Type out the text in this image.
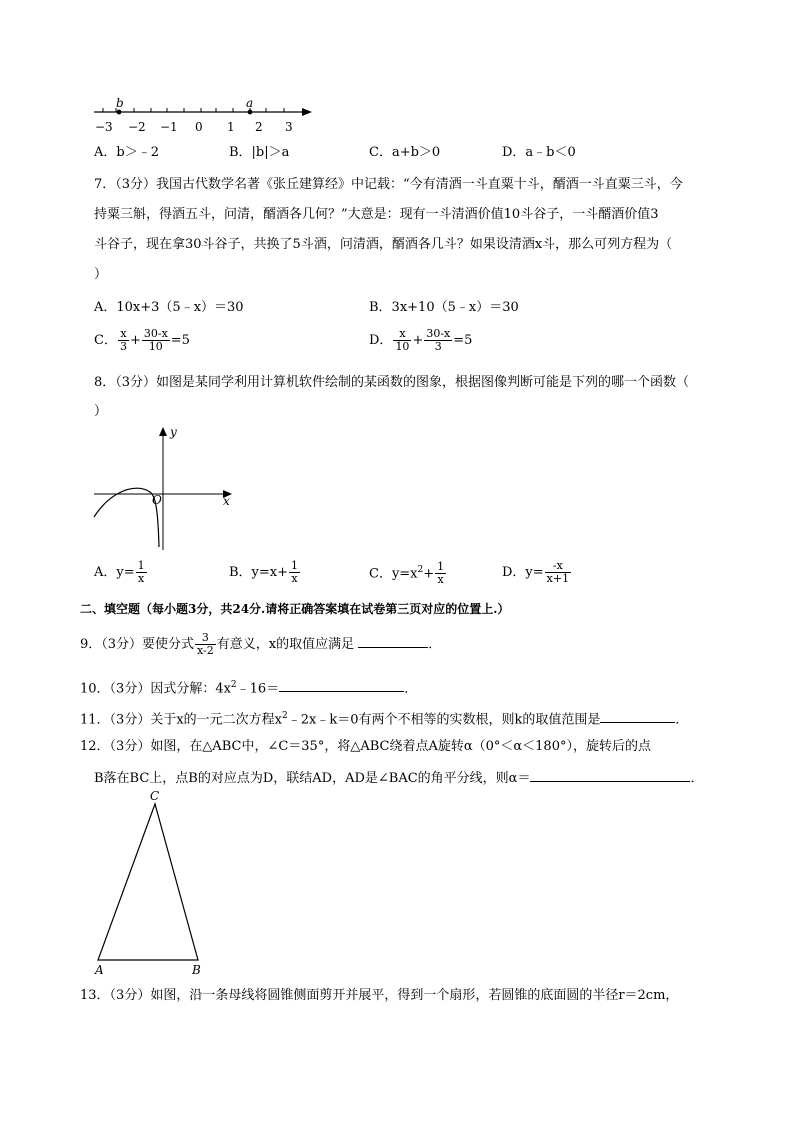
b	a
−3 −2 −1 0 1 2 3
A．b＞﹣2	B．|b|＞a	C．a+b＞0	D．a﹣b＜0
7．（3分）我国古代数学名著《张丘建算经》中记载：“今有清酒一斗直粟十斗，醑酒一斗直粟三斗，今
持粟三斛，得酒五斗，问清，醑酒各几何？”大意是：现有一斗清酒价值10斗谷子，一斗醑酒价值3
斗谷子，现在拿30斗谷子，共换了5斗酒，问清酒，醑酒各几斗？如果设清酒x斗，那么可列方程为（
）
A．10x+3（5﹣x）＝30	B．3x+10（5﹣x）＝30
C． $\frac{x}{3} + \frac{30-x}{10} =5$	D． $\frac{x}{10} + \frac{30-x}{3} =5$
8．（3分）如图是某同学利用计算机软件绘制的某函数的图象，根据图像判断可能是下列的哪一个函数（
）
y
x
O
A．$y= \frac{1}{x}$	B．$y=x+ \frac{1}{x}$	C．$y=x^2+ \frac{1}{x}$	D．$y= \frac{-x}{x+1}$
二、填空题（每小题3分，共24分.请将正确答案填在试卷第三页对应的位置上.）
9．（3分）要使分式 $\frac{3}{x-2}$ 有意义，x的取值应满足	．
10．（3分）因式分解：$4x^2﹣16=$	．
11．（3分）关于x的一元二次方程$x^2﹣2x﹣k=0$有两个不相等的实数根，则k的取值范围是	．
12．（3分）如图，在△ABC中，∠C＝35°，将△ABC绕着点A旋转α（0°＜α＜180°），旋转后的点
B落在BC上，点B的对应点为D，联结AD，AD是∠BAC的角平分线，则α＝	．
C
A	B
13．（3分）如图，沿一条母线将圆锥侧面剪开并展平，得到一个扇形，若圆锥的底面圆的半径r＝2cm，
